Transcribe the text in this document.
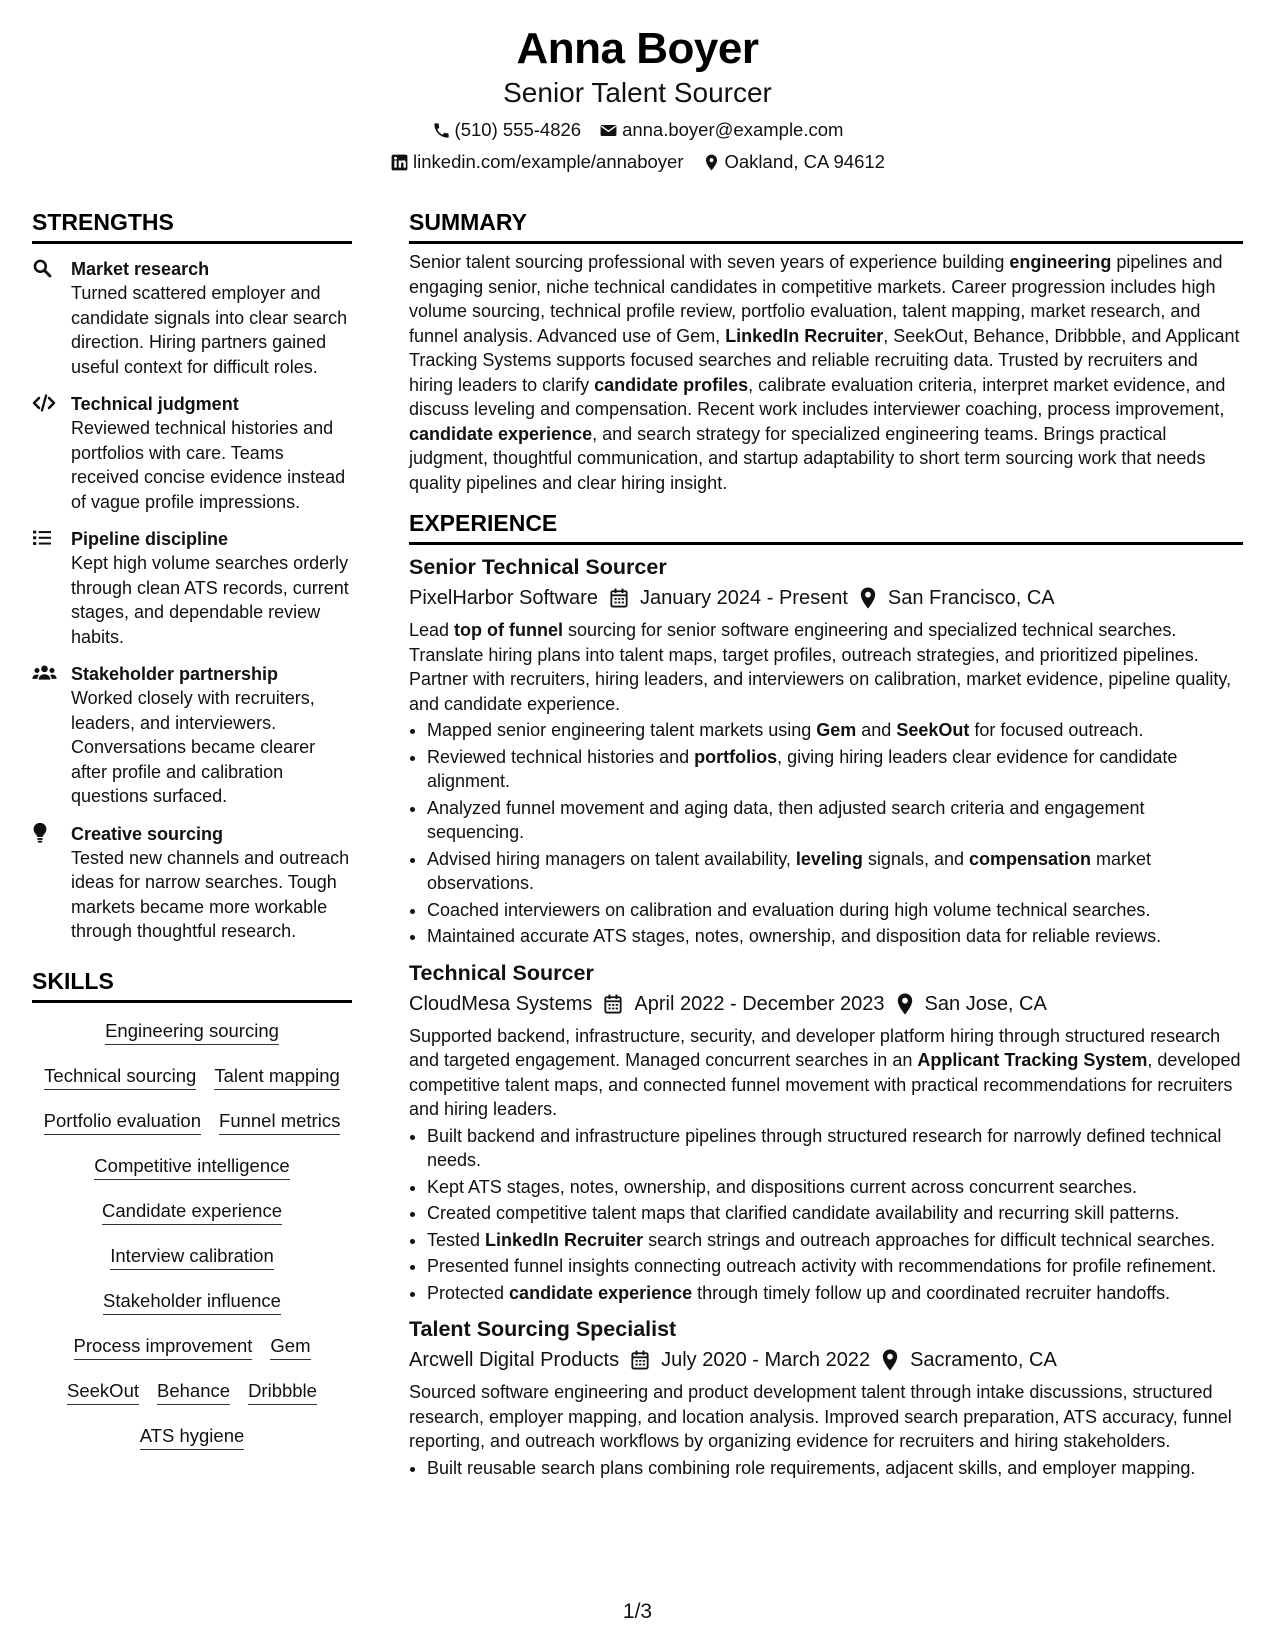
Anna Boyer
Senior Talent Sourcer
(510) 555-4826 anna.boyer@example.com
linkedin.com/example/annaboyer Oakland, CA 94612
STRENGTHS
Market research
Turned scattered employer and candidate signals into clear search direction. Hiring partners gained useful context for difficult roles.
Technical judgment
Reviewed technical histories and portfolios with care. Teams received concise evidence instead of vague profile impressions.
Pipeline discipline
Kept high volume searches orderly through clean ATS records, current stages, and dependable review habits.
Stakeholder partnership
Worked closely with recruiters, leaders, and interviewers. Conversations became clearer after profile and calibration questions surfaced.
Creative sourcing
Tested new channels and outreach ideas for narrow searches. Tough markets became more workable through thoughtful research.
SKILLS
Engineering sourcing
Technical sourcing Talent mapping
Portfolio evaluation Funnel metrics
Competitive intelligence
Candidate experience
Interview calibration
Stakeholder influence
Process improvement Gem
SeekOut Behance Dribbble
ATS hygiene
SUMMARY
Senior talent sourcing professional with seven years of experience building engineering pipelines and engaging senior, niche technical candidates in competitive markets. Career progression includes high volume sourcing, technical profile review, portfolio evaluation, talent mapping, market research, and funnel analysis. Advanced use of Gem, LinkedIn Recruiter, SeekOut, Behance, Dribbble, and Applicant Tracking Systems supports focused searches and reliable recruiting data. Trusted by recruiters and hiring leaders to clarify candidate profiles, calibrate evaluation criteria, interpret market evidence, and discuss leveling and compensation. Recent work includes interviewer coaching, process improvement, candidate experience, and search strategy for specialized engineering teams. Brings practical judgment, thoughtful communication, and startup adaptability to short term sourcing work that needs quality pipelines and clear hiring insight.
EXPERIENCE
Senior Technical Sourcer
PixelHarbor Software January 2024 - Present San Francisco, CA
Lead top of funnel sourcing for senior software engineering and specialized technical searches. Translate hiring plans into talent maps, target profiles, outreach strategies, and prioritized pipelines. Partner with recruiters, hiring leaders, and interviewers on calibration, market evidence, pipeline quality, and candidate experience.
• Mapped senior engineering talent markets using Gem and SeekOut for focused outreach.
• Reviewed technical histories and portfolios, giving hiring leaders clear evidence for candidate alignment.
• Analyzed funnel movement and aging data, then adjusted search criteria and engagement sequencing.
• Advised hiring managers on talent availability, leveling signals, and compensation market observations.
• Coached interviewers on calibration and evaluation during high volume technical searches.
• Maintained accurate ATS stages, notes, ownership, and disposition data for reliable reviews.
Technical Sourcer
CloudMesa Systems April 2022 - December 2023 San Jose, CA
Supported backend, infrastructure, security, and developer platform hiring through structured research and targeted engagement. Managed concurrent searches in an Applicant Tracking System, developed competitive talent maps, and connected funnel movement with practical recommendations for recruiters and hiring leaders.
• Built backend and infrastructure pipelines through structured research for narrowly defined technical needs.
• Kept ATS stages, notes, ownership, and dispositions current across concurrent searches.
• Created competitive talent maps that clarified candidate availability and recurring skill patterns.
• Tested LinkedIn Recruiter search strings and outreach approaches for difficult technical searches.
• Presented funnel insights connecting outreach activity with recommendations for profile refinement.
• Protected candidate experience through timely follow up and coordinated recruiter handoffs.
Talent Sourcing Specialist
Arcwell Digital Products July 2020 - March 2022 Sacramento, CA
Sourced software engineering and product development talent through intake discussions, structured research, employer mapping, and location analysis. Improved search preparation, ATS accuracy, funnel reporting, and outreach workflows by organizing evidence for recruiters and hiring stakeholders.
• Built reusable search plans combining role requirements, adjacent skills, and employer mapping.
1/3
